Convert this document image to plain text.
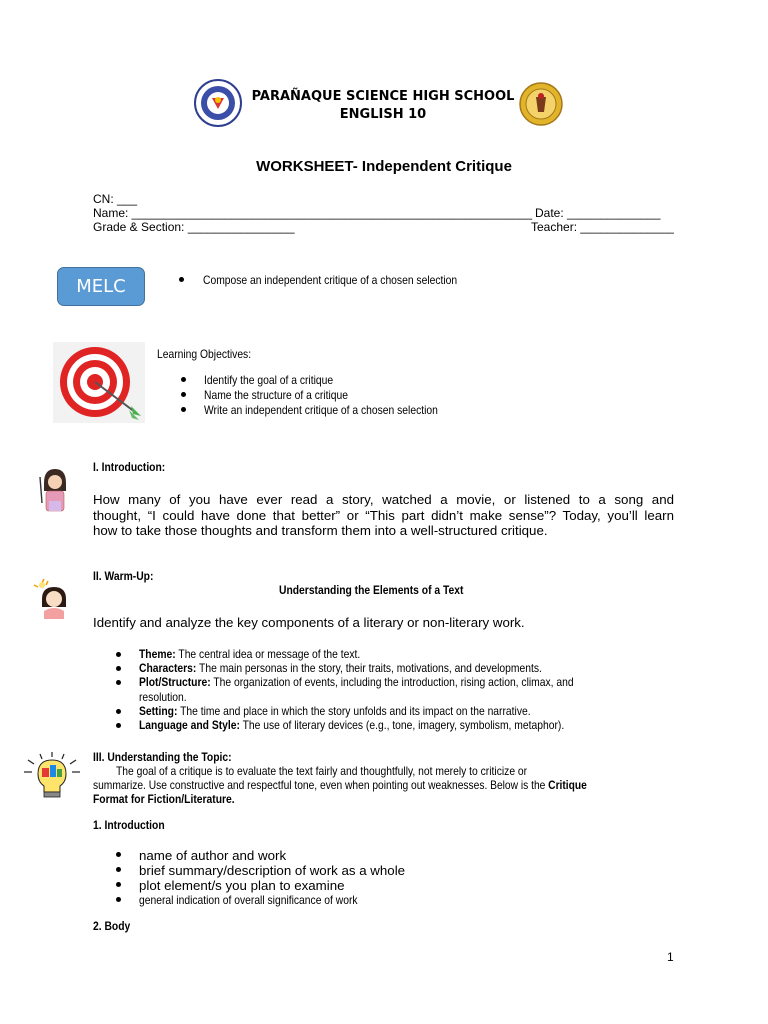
PARAÑAQUE SCIENCE HIGH SCHOOL
ENGLISH 10
WORKSHEET- Independent Critique
CN: ___
Name: ____________________________________________________________ Date: ______________
Grade & Section: ________________	Teacher: ______________
MELC	Compose an independent critique of a chosen selection
Learning Objectives:
Identify the goal of a critique
Name the structure of a critique
Write an independent critique of a chosen selection
I. Introduction:
How many of you have ever read a story, watched a movie, or listened to a song and
thought, “I could have done that better” or “This part didn’t make sense”? Today, you’ll learn
how to take those thoughts and transform them into a well-structured critique.
II. Warm-Up:
Understanding the Elements of a Text
Identify and analyze the key components of a literary or non-literary work.
Theme: The central idea or message of the text.
Characters: The main personas in the story, their traits, motivations, and developments.
Plot/Structure: The organization of events, including the introduction, rising action, climax, and
resolution.
Setting: The time and place in which the story unfolds and its impact on the narrative.
Language and Style: The use of literary devices (e.g., tone, imagery, symbolism, metaphor).
III. Understanding the Topic:
The goal of a critique is to evaluate the text fairly and thoughtfully, not merely to criticize or
summarize. Use constructive and respectful tone, even when pointing out weaknesses. Below is the Critique
Format for Fiction/Literature.
1. Introduction
name of author and work
brief summary/description of work as a whole
plot element/s you plan to examine
general indication of overall significance of work
2. Body
1
